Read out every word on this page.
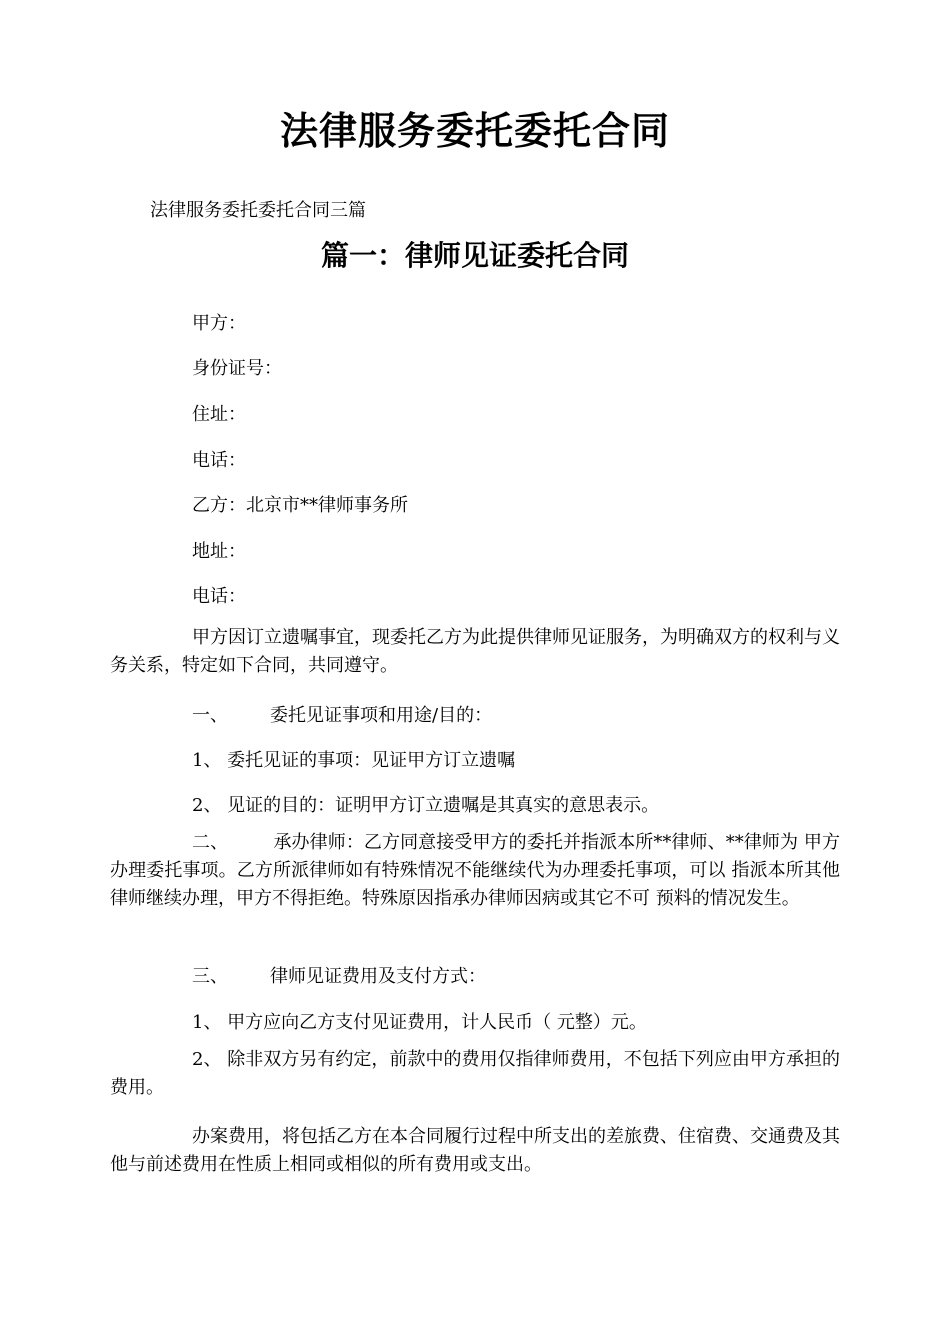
法律服务委托委托合同
法律服务委托委托合同三篇
篇一：律师见证委托合同
甲方：
身份证号：
住址：
电话：
乙方：北京市**律师事务所
地址：
电话：
甲方因订立遗嘱事宜，现委托乙方为此提供律师见证服务，为明确双方的权利与义务关系，特定如下合同，共同遵守。
一、 委托见证事项和用途/目的：
1、 委托见证的事项：见证甲方订立遗嘱
2、 见证的目的：证明甲方订立遗嘱是其真实的意思表示。
二、　　　承办律师：乙方同意接受甲方的委托并指派本所**律师、**律师为 甲方办理委托事项。乙方所派律师如有特殊情况不能继续代为办理委托事项，可以 指派本所其他律师继续办理，甲方不得拒绝。特殊原因指承办律师因病或其它不可 预料的情况发生。
三、 律师见证费用及支付方式：
1、 甲方应向乙方支付见证费用，计人民币（ 元整）元。
2、 除非双方另有约定，前款中的费用仅指律师费用，不包括下列应由甲方承担的费用。
办案费用，将包括乙方在本合同履行过程中所支出的差旅费、住宿费、交通费及其他与前述费用在性质上相同或相似的所有费用或支出。
